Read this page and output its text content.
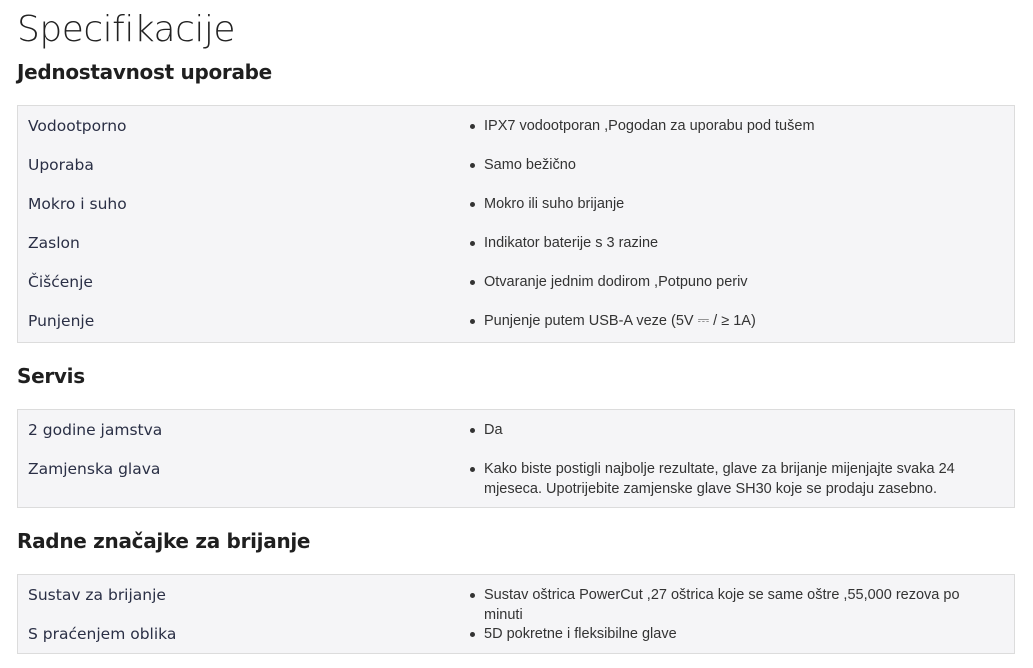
Specifikacije
Jednostavnost uporabe
Vodootporno	IPX7 vodootporan ,Pogodan za uporabu pod tušem
Uporaba	Samo bežično
Mokro i suho	Mokro ili suho brijanje
Zaslon	Indikator baterije s 3 razine
Čišćenje	Otvaranje jednim dodirom ,Potpuno periv
Punjenje	Punjenje putem USB-A veze (5V ⎓ / ≥ 1A)
Servis
2 godine jamstva	Da
Zamjenska glava	Kako biste postigli najbolje rezultate, glave za brijanje mijenjajte svaka 24 mjeseca. Upotrijebite zamjenske glave SH30 koje se prodaju zasebno.
Radne značajke za brijanje
Sustav za brijanje	Sustav oštrica PowerCut ,27 oštrica koje se same oštre ,55,000 rezova po minuti
S praćenjem oblika	5D pokretne i fleksibilne glave
